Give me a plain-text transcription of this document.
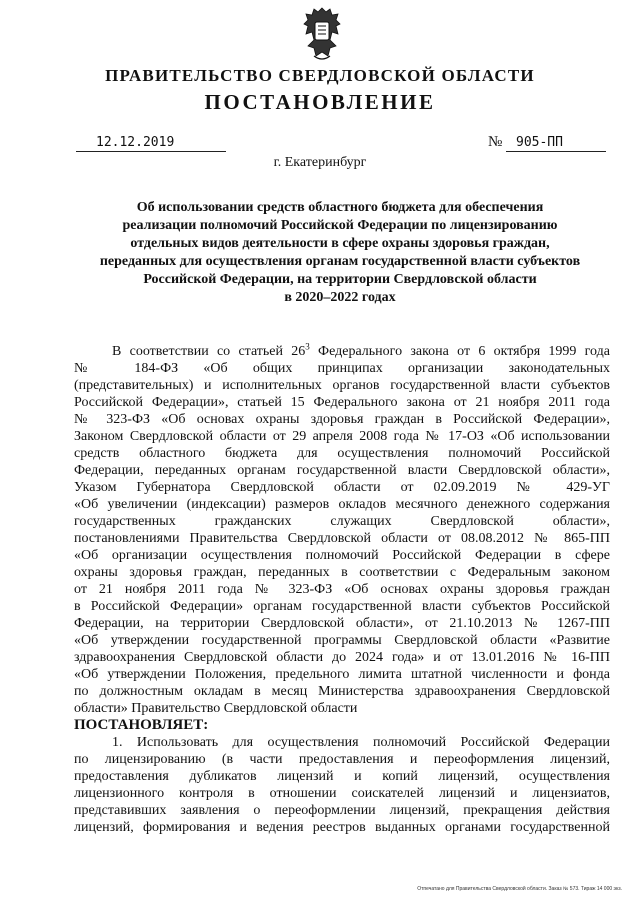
ПРАВИТЕЛЬСТВО СВЕРДЛОВСКОЙ ОБЛАСТИ
ПОСТАНОВЛЕНИЕ
12.12.2019	№	905-ПП
г. Екатеринбург
Об использовании средств областного бюджета для обеспечения
реализации полномочий Российской Федерации по лицензированию
отдельных видов деятельности в сфере охраны здоровья граждан,
переданных для осуществления органам государственной власти субъектов
Российской Федерации, на территории Свердловской области
в 2020–2022 годах
В соответствии со статьей $26^3$ Федерального закона от 6 октября 1999 года
№ 184-ФЗ «Об общих принципах организации законодательных
(представительных) и исполнительных органов государственной власти субъектов
Российской Федерации», статьей 15 Федерального закона от 21 ноября 2011 года
№ 323-ФЗ «Об основах охраны здоровья граждан в Российской Федерации»,
Законом Свердловской области от 29 апреля 2008 года № 17-ОЗ «Об использовании
средств областного бюджета для осуществления полномочий Российской
Федерации, переданных органам государственной власти Свердловской области»,
Указом Губернатора Свердловской области от 02.09.2019 № 429-УГ
«Об увеличении (индексации) размеров окладов месячного денежного содержания
государственных гражданских служащих Свердловской области»,
постановлениями Правительства Свердловской области от 08.08.2012 № 865-ПП
«Об организации осуществления полномочий Российской Федерации в сфере
охраны здоровья граждан, переданных в соответствии с Федеральным законом
от 21 ноября 2011 года № 323-ФЗ «Об основах охраны здоровья граждан
в Российской Федерации» органам государственной власти субъектов Российской
Федерации, на территории Свердловской области», от 21.10.2013 № 1267-ПП
«Об утверждении государственной программы Свердловской области «Развитие
здравоохранения Свердловской области до 2024 года» и от 13.01.2016 № 16-ПП
«Об утверждении Положения, предельного лимита штатной численности и фонда
по должностным окладам в месяц Министерства здравоохранения Свердловской
области» Правительство Свердловской области
ПОСТАНОВЛЯЕТ:
1. Использовать для осуществления полномочий Российской Федерации
по лицензированию (в части предоставления и переоформления лицензий,
предоставления дубликатов лицензий и копий лицензий, осуществления
лицензионного контроля в отношении соискателей лицензий и лицензиатов,
представивших заявления о переоформлении лицензий, прекращения действия
лицензий, формирования и ведения реестров выданных органами государственной
Отпечатано для Правительства Свердловской области. Заказ № 573. Тираж 14 000 экз.
